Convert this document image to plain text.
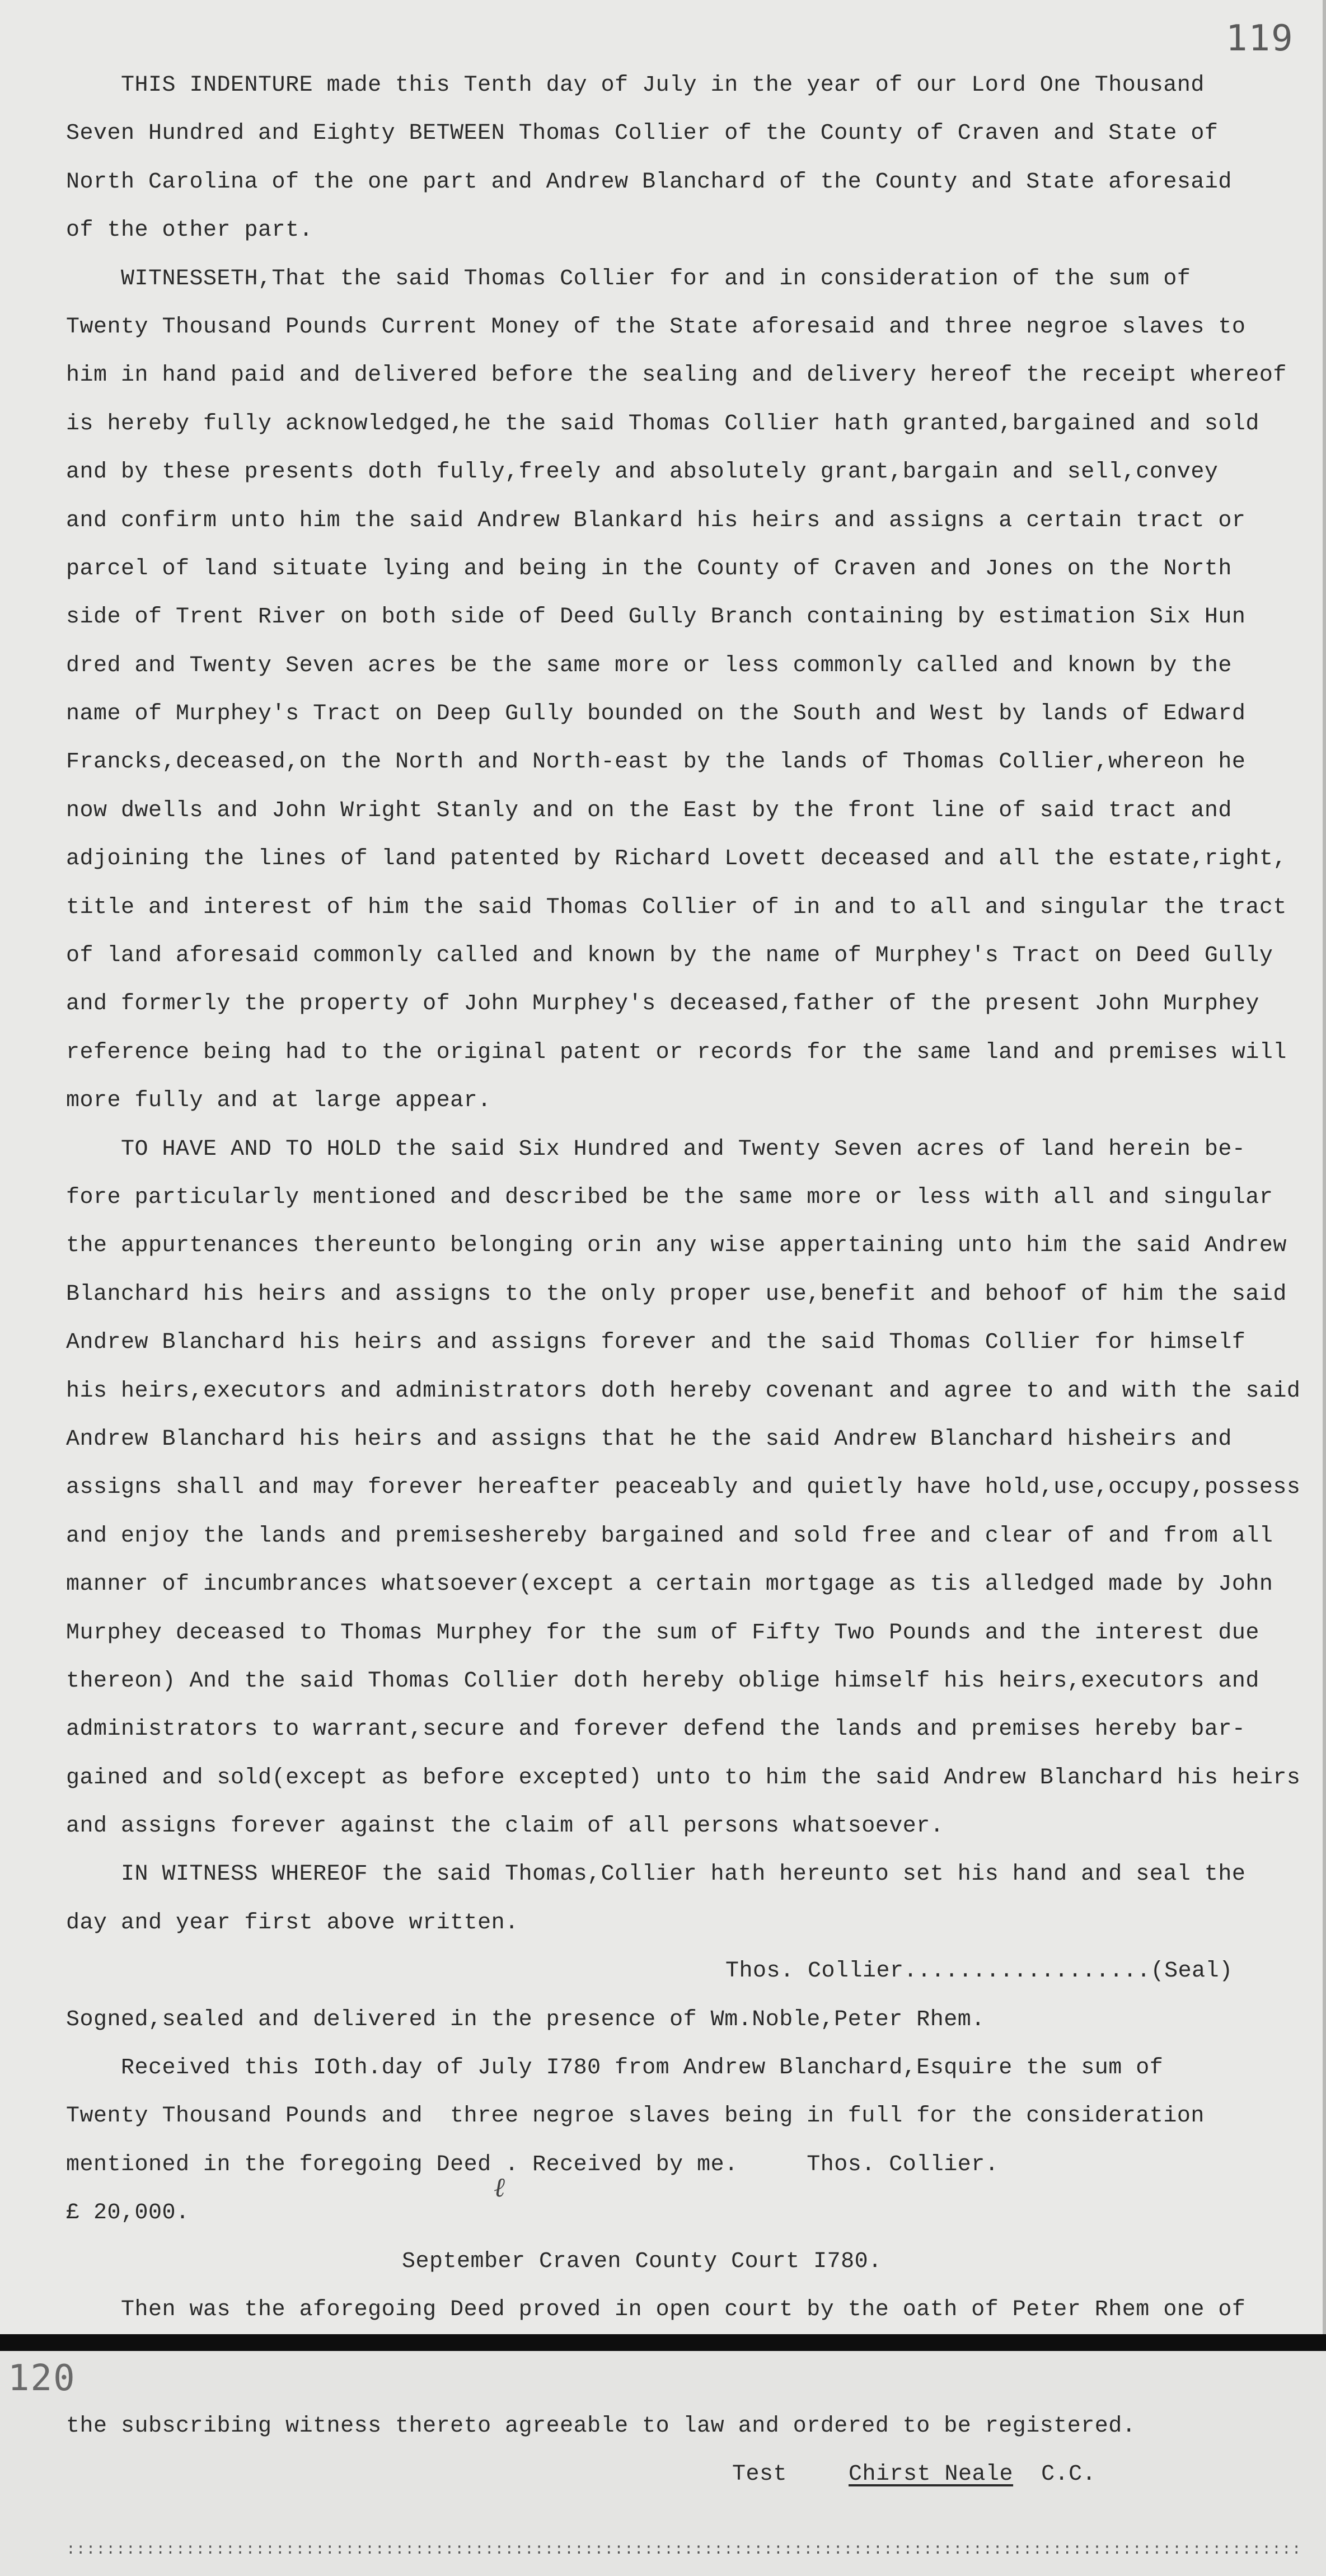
119
THIS INDENTURE made this Tenth day of July in the year of our Lord One Thousand
Seven Hundred and Eighty BETWEEN Thomas Collier of the County of Craven and State of
North Carolina of the one part and Andrew Blanchard of the County and State aforesaid
of the other part.
WITNESSETH,That the said Thomas Collier for and in consideration of the sum of
Twenty Thousand Pounds Current Money of the State aforesaid and three negroe slaves to
him in hand paid and delivered before the sealing and delivery hereof the receipt whereof
is hereby fully acknowledged,he the said Thomas Collier hath granted,bargained and sold
and by these presents doth fully,freely and absolutely grant,bargain and sell,convey
and confirm unto him the said Andrew Blankard his heirs and assigns a certain tract or
parcel of land situate lying and being in the County of Craven and Jones on the North
side of Trent River on both side of Deed Gully Branch containing by estimation Six Hun
dred and Twenty Seven acres be the same more or less commonly called and known by the
name of Murphey's Tract on Deep Gully bounded on the South and West by lands of Edward
Francks,deceased,on the North and North-east by the lands of Thomas Collier,whereon he
now dwells and John Wright Stanly and on the East by the front line of said tract and
adjoining the lines of land patented by Richard Lovett deceased and all the estate,right,
title and interest of him the said Thomas Collier of in and to all and singular the tract
of land aforesaid commonly called and known by the name of Murphey's Tract on Deed Gully
and formerly the property of John Murphey's deceased,father of the present John Murphey
reference being had to the original patent or records for the same land and premises will
more fully and at large appear.
TO HAVE AND TO HOLD the said Six Hundred and Twenty Seven acres of land herein be-
fore particularly mentioned and described be the same more or less with all and singular
the appurtenances thereunto belonging orin any wise appertaining unto him the said Andrew
Blanchard his heirs and assigns to the only proper use,benefit and behoof of him the said
Andrew Blanchard his heirs and assigns forever and the said Thomas Collier for himself
his heirs,executors and administrators doth hereby covenant and agree to and with the said
Andrew Blanchard his heirs and assigns that he the said Andrew Blanchard hisheirs and
assigns shall and may forever hereafter peaceably and quietly have hold,use,occupy,possess
and enjoy the lands and premiseshereby bargained and sold free and clear of and from all
manner of incumbrances whatsoever(except a certain mortgage as tis alledged made by John
Murphey deceased to Thomas Murphey for the sum of Fifty Two Pounds and the interest due
thereon) And the said Thomas Collier doth hereby oblige himself his heirs,executors and
administrators to warrant,secure and forever defend the lands and premises hereby bar-
gained and sold(except as before excepted) unto to him the said Andrew Blanchard his heirs
and assigns forever against the claim of all persons whatsoever.
IN WITNESS WHEREOF the said Thomas,Collier hath hereunto set his hand and seal the
day and year first above written.
Thos. Collier..................(Seal)
Sogned,sealed and delivered in the presence of Wm.Noble,Peter Rhem.
Received this IOth.day of July I780 from Andrew Blanchard,Esquire the sum of
Twenty Thousand Pounds and  three negroe slaves being in full for the consideration
mentioned in the foregoing Deed . Received by me.     Thos. Collier.
£ 20,000.
September Craven County Court I780.
Then was the aforegoing Deed proved in open court by the oath of Peter Rhem one of
ℓ
120
the subscribing witness thereto agreeable to law and ordered to be registered.
Test	Chirst Neale C.C.
::::::::::::::::::::::::::::::::::::::::::::::::::::::::::::::::::::::::::::::::::::::::::::::::::::::::::::::::::::::::::::
